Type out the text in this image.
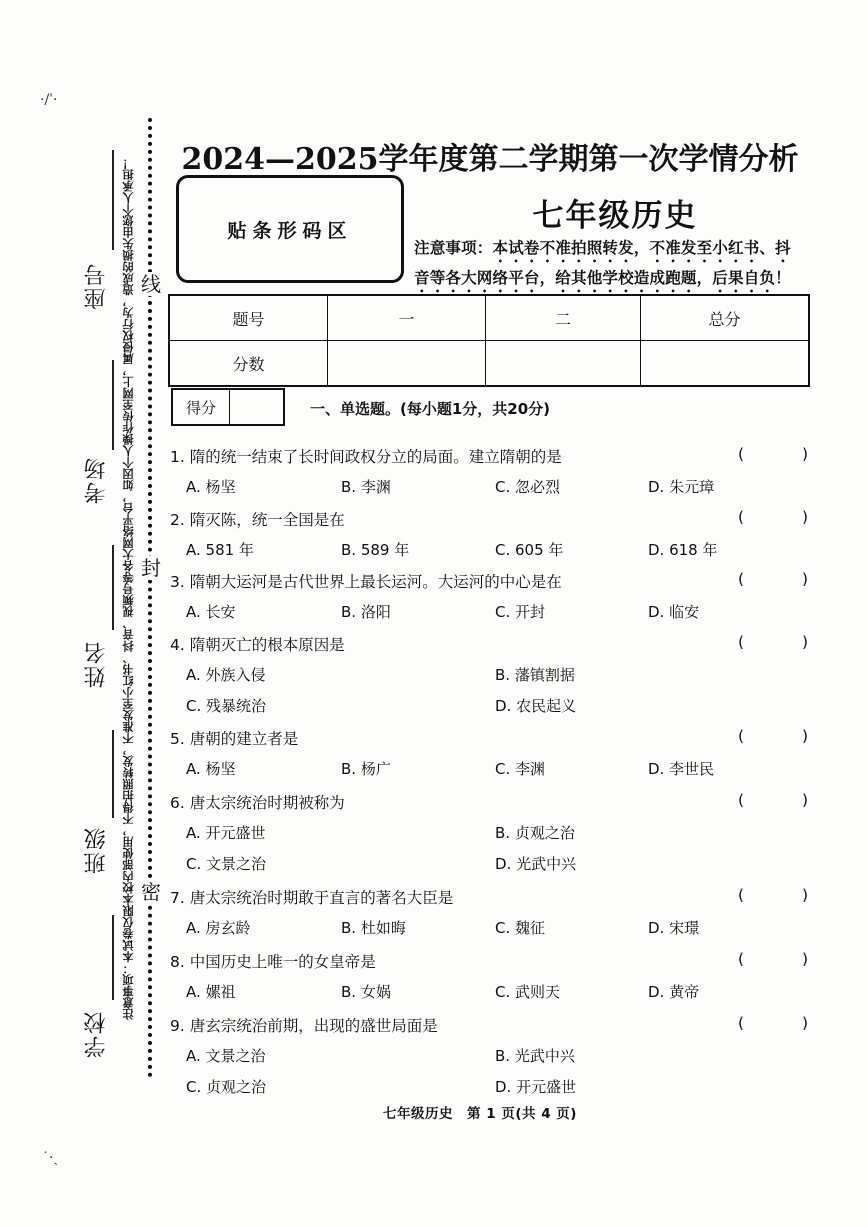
·/ˈ·
座号
考场
姓名
班级
学校
注意事项：本试卷仅限本校内部使用，不得拍照转发，不准发至小红书、抖音、视频号等各大网络平台，如因个人操作传至网上，属侵权行为，造成的损失由您个人承担！ 线
封
密
2024—2025学年度第二学期第一次学情分析
贴条形码区	七年级历史
注意事项：本试卷不准拍照转发，不准发至小红书、抖
音等各大网络平台，给其他学校造成跑题，后果自负！
题号	一	二	总分
分数			
得分	一、单选题。(每小题1分，共20分)
1. 隋的统一结束了长时间政权分立的局面。建立隋朝的是	(	)
A. 杨坚	B. 李渊	C. 忽必烈	D. 朱元璋
2. 隋灭陈，统一全国是在	(	)
A. 581 年	B. 589 年	C. 605 年	D. 618 年
3. 隋朝大运河是古代世界上最长运河。大运河的中心是在	(	)
A. 长安	B. 洛阳	C. 开封	D. 临安
4. 隋朝灭亡的根本原因是	(	)
A. 外族入侵	B. 藩镇割据
C. 残暴统治	D. 农民起义
5. 唐朝的建立者是	(	)
A. 杨坚	B. 杨广	C. 李渊	D. 李世民
6. 唐太宗统治时期被称为	(	)
A. 开元盛世	B. 贞观之治
C. 文景之治	D. 光武中兴
7. 唐太宗统治时期敢于直言的著名大臣是	(	)
A. 房玄龄	B. 杜如晦	C. 魏征	D. 宋璟
8. 中国历史上唯一的女皇帝是	(	)
A. 嫘祖	B. 女娲	C. 武则天	D. 黄帝
9. 唐玄宗统治前期，出现的盛世局面是	(	)
A. 文景之治	B. 光武中兴
C. 贞观之治	D. 开元盛世
七年级历史　第 1 页(共 4 页)
˙·ˎ
